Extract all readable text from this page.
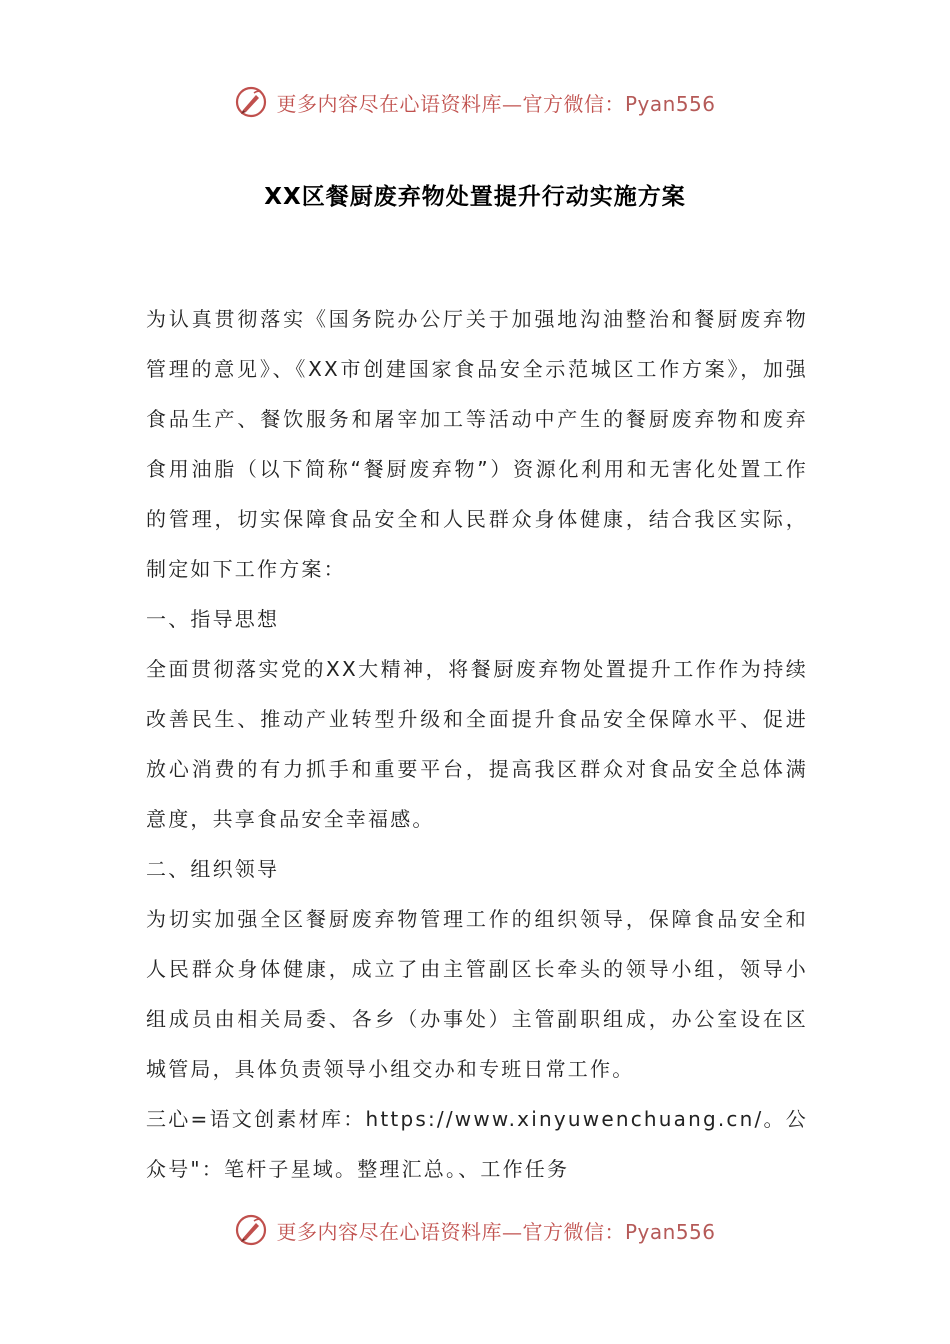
更多内容尽在心语资料库—官方微信：Pyan556
XX区餐厨废弃物处置提升行动实施方案

为认真贯彻落实《国务院办公厅关于加强地沟油整治和餐厨废弃物管理的意见》、《XX市创建国家食品安全示范城区工作方案》，加强食品生产、餐饮服务和屠宰加工等活动中产生的餐厨废弃物和废弃食用油脂（以下简称“餐厨废弃物”）资源化利用和无害化处置工作的管理，切实保障食品安全和人民群众身体健康，结合我区实际，制定如下工作方案：

一、指导思想

全面贯彻落实党的XX大精神，将餐厨废弃物处置提升工作作为持续改善民生、推动产业转型升级和全面提升食品安全保障水平、促进放心消费的有力抓手和重要平台，提高我区群众对食品安全总体满意度，共享食品安全幸福感。

二、组织领导

为切实加强全区餐厨废弃物管理工作的组织领导，保障食品安全和人民群众身体健康，成立了由主管副区长牵头的领导小组，领导小组成员由相关局委、各乡（办事处）主管副职组成，办公室设在区城管局，具体负责领导小组交办和专班日常工作。

三心=语文创素材库：https://www.xinyuwenchuang.cn/。公众号"：笔杆子星域。整理汇总。、工作任务

更多内容尽在心语资料库—官方微信：Pyan556
